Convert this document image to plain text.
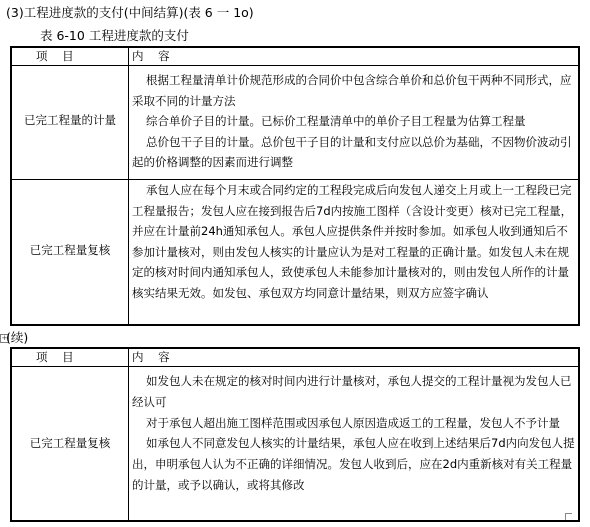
(3)工程进度款的支付(中间结算)(表 6 一 1o)
表 6-10 工程进度款的支付
项    目	内    容
已完工程量的计量

根据工程量清单计价规范形成的合同价中包含综合单价和总价包干两种不同形式，应采取不同的计量方法

综合单价子目的计量。已标价工程量清单中的单价子目工程量为估算工程量

总价包干子目的计量。总价包干子目的计量和支付应以总价为基础，不因物价波动引起的价格调整的因素而进行调整

已完工程量复核

承包人应在每个月末或合同约定的工程段完成后向发包人递交上月或上一工程段已完工程量报告；发包人应在接到报告后7d内按施工图样（含设计变更）核对已完工程量，并应在计量前24h通知承包人。承包人应提供条件并按时参加。如承包人收到通知后不参加计量核对，则由发包人核实的计量应认为是对工程量的正确计量。如发包人未在规定的核对时间内通知承包人，致使承包人未能参加计量核对的，则由发包人所作的计量核实结果无效。如发包、承包双方均同意计量结果，则双方应签字确认

+
(续)
项    目	内    容
已完工程量复核

如发包人未在规定的核对时间内进行计量核对，承包人提交的工程计量视为发包人已经认可

对于承包人超出施工图样范围或因承包人原因造成返工的工程量，发包人不予计量

如承包人不同意发包人核实的计量结果，承包人应在收到上述结果后7d内向发包人提出，申明承包人认为不正确的详细情况。发包人收到后，应在2d内重新核对有关工程量的计量，或予以确认，或将其修改
